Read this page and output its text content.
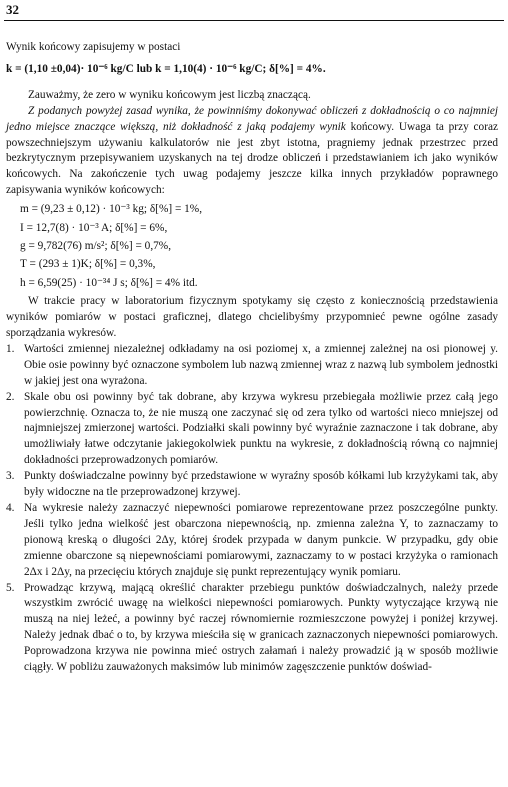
32

Wynik końcowy zapisujemy w postaci

k = (1,10 ±0,04)· 10⁻⁶ kg/C lub k = 1,10(4) · 10⁻⁶ kg/C; δ[%] = 4%.

Zauważmy, że zero w wyniku końcowym jest liczbą znaczącą.

Z podanych powyżej zasad wynika, że powinniśmy dokonywać obliczeń z dokładnością o co najmniej jedno miejsce znaczące większą, niż dokładność z jaką podajemy wynik końcowy. Uwaga ta przy coraz powszechniejszym używaniu kalkulatorów nie jest zbyt istotna, pragniemy jednak przestrzec przed bezkrytycznym przepisywaniem uzyskanych na tej drodze obliczeń i przedstawianiem ich jako wyników końcowych. Na zakończenie tych uwag podajemy jeszcze kilka innych przykładów poprawnego zapisywania wyników końcowych:

m = (9,23 ± 0,12) · 10⁻³ kg; δ[%] = 1%,

I = 12,7(8) · 10⁻³ A; δ[%] = 6%,

g = 9,782(76) m/s²; δ[%] = 0,7%,

T = (293 ± 1)K; δ[%] = 0,3%,

h = 6,59(25) · 10⁻³⁴ J s; δ[%] = 4% itd.

W trakcie pracy w laboratorium fizycznym spotykamy się często z koniecznością przedstawienia wyników pomiarów w postaci graficznej, dlatego chcielibyśmy przypomnieć pewne ogólne zasady sporządzania wykresów.

1. Wartości zmiennej niezależnej odkładamy na osi poziomej x, a zmiennej zależnej na osi pionowej y. Obie osie powinny być oznaczone symbolem lub nazwą zmiennej wraz z nazwą lub symbolem jednostki w jakiej jest ona wyrażona.
2. Skale obu osi powinny być tak dobrane, aby krzywa wykresu przebiegała możliwie przez całą jego powierzchnię. Oznacza to, że nie muszą one zaczynać się od zera tylko od wartości nieco mniejszej od najmniejszej zmierzonej wartości. Podziałki skali powinny być wyraźnie zaznaczone i tak dobrane, aby umożliwiały łatwe odczytanie jakiegokolwiek punktu na wykresie, z dokładnością równą co najmniej dokładności przeprowadzonych pomiarów.
3. Punkty doświadczalne powinny być przedstawione w wyraźny sposób kółkami lub krzyżykami tak, aby były widoczne na tle przeprowadzonej krzywej.
4. Na wykresie należy zaznaczyć niepewności pomiarowe reprezentowane przez poszczególne punkty. Jeśli tylko jedna wielkość jest obarczona niepewnością, np. zmienna zależna Y, to zaznaczamy to pionową kreską o długości 2Δy, której środek przypada w danym punkcie. W przypadku, gdy obie zmienne obarczone są niepewnościami pomiarowymi, zaznaczamy to w postaci krzyżyka o ramionach 2Δx i 2Δy, na przecięciu których znajduje się punkt reprezentujący wynik pomiaru.
5. Prowadząc krzywą, mającą określić charakter przebiegu punktów doświadczalnych, należy przede wszystkim zwrócić uwagę na wielkości niepewności pomiarowych. Punkty wytyczające krzywą nie muszą na niej leżeć, a powinny być raczej równomiernie rozmieszczone powyżej i poniżej krzywej. Należy jednak dbać o to, by krzywa mieściła się w granicach zaznaczonych niepewności pomiarowych. Poprowadzona krzywa nie powinna mieć ostrych załamań i należy prowadzić ją w sposób możliwie ciągły. W pobliżu zauważonych maksimów lub minimów zagęszczenie punktów doświad-
